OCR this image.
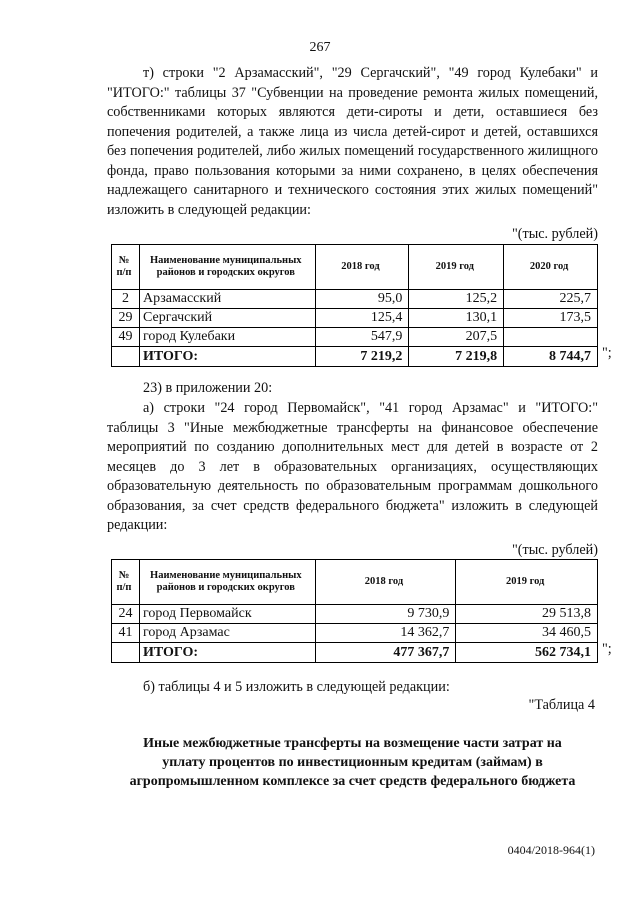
267
т) строки "2 Арзамасский", "29 Сергачский", "49 город Кулебаки" и "ИТОГО:" таблицы 37 "Субвенции на проведение ремонта жилых помещений, собственниками которых являются дети-сироты и дети, оставшиеся без попечения родителей, а также лица из числа детей-сирот и детей, оставшихся без попечения родителей, либо жилых помещений государственного жилищного фонда, право пользования которыми за ними сохранено, в целях обеспечения надлежащего санитарного и технического состояния этих жилых помещений" изложить в следующей редакции:
"(тыс. рублей)
№ п/п	Наименование муниципальных районов и городских округов	2018 год	2019 год	2020 год
2	Арзамасский	95,0	125,2	225,7
29	Сергачский	125,4	130,1	173,5
49	город Кулебаки	547,9	207,5	
	ИТОГО:	7 219,2	7 219,8	8 744,7 ";
23) в приложении 20:
а) строки "24 город Первомайск", "41 город Арзамас" и "ИТОГО:" таблицы 3 "Иные межбюджетные трансферты на финансовое обеспечение мероприятий по созданию дополнительных мест для детей в возрасте от 2 месяцев до 3 лет в образовательных организациях, осуществляющих образовательную деятельность по образовательным программам дошкольного образования, за счет средств федерального бюджета" изложить в следующей редакции:
"(тыс. рублей)
№ п/п	Наименование муниципальных районов и городских округов	2018 год	2019 год
24	город Первомайск	9 730,9	29 513,8
41	город Арзамас	14 362,7	34 460,5
	ИТОГО:	477 367,7	562 734,1 ";
б) таблицы 4 и 5 изложить в следующей редакции:
"Таблица 4
Иные межбюджетные трансферты на возмещение части затрат на
уплату процентов по инвестиционным кредитам (займам) в
агропромышленном комплексе за счет средств федерального бюджета
0404/2018-964(1)
